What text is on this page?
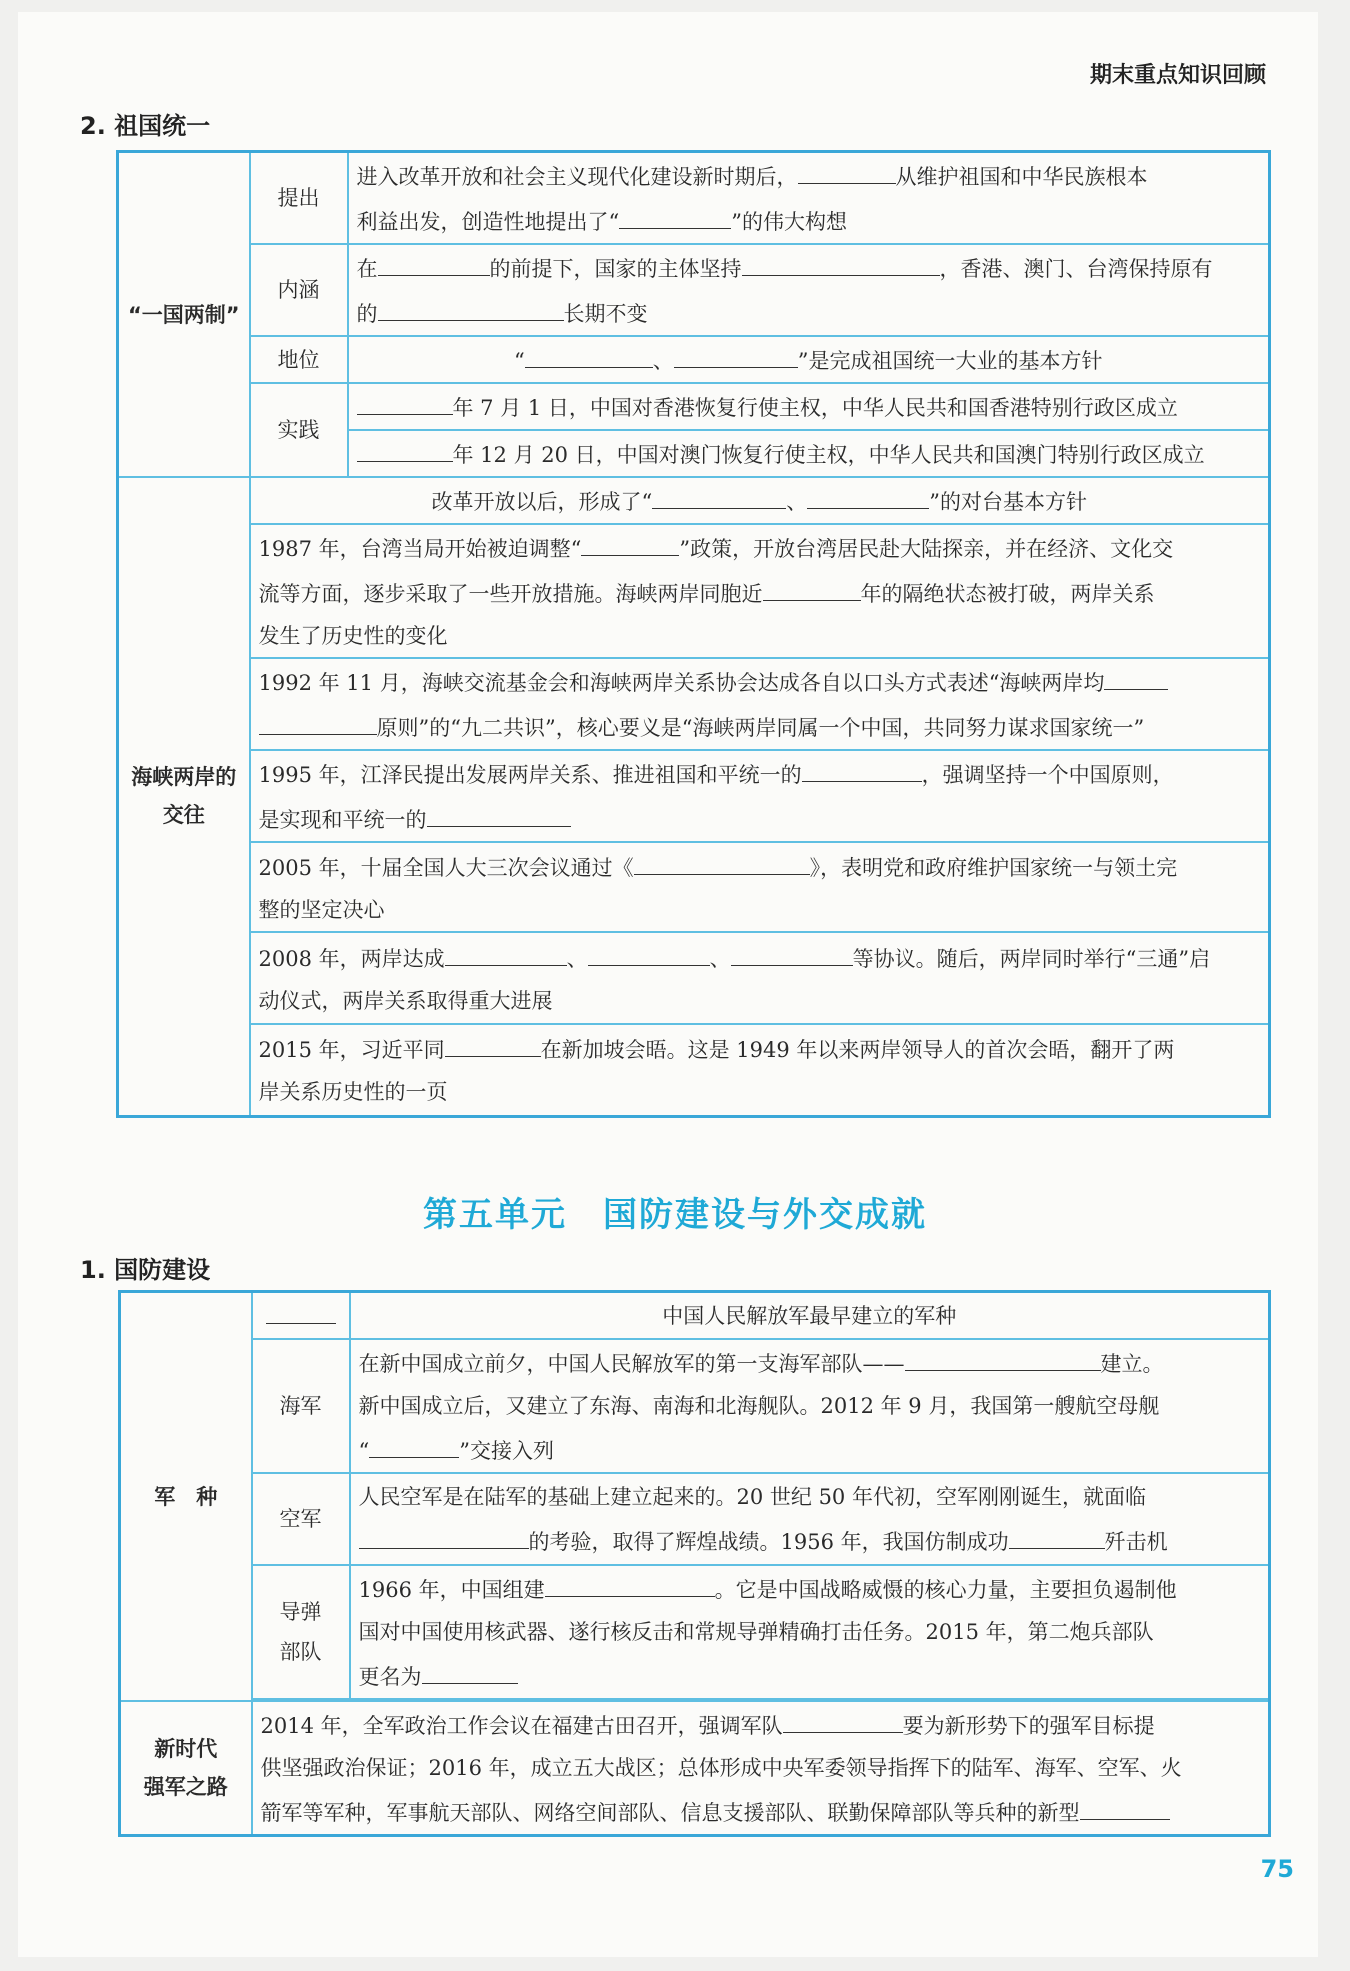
期末重点知识回顾
2. 祖国统一
“一国两制”	提出	进入改革开放和社会主义现代化建设新时期后， 从维护祖国和中华民族根本
利益出发，创造性地提出了“ ”的伟大构想
	内涵	在 的前提下，国家的主体坚持 ，香港、澳门、台湾保持原有
的 长期不变
	地位	“ 、 ”是完成祖国统一大业的基本方针
	实践	年 7 月 1 日，中国对香港恢复行使主权，中华人民共和国香港特别行政区成立
		年 12 月 20 日，中国对澳门恢复行使主权，中华人民共和国澳门特别行政区成立
海峡两岸的
交往	改革开放以后，形成了“ 、 ”的对台基本方针	
	1987 年，台湾当局开始被迫调整“ ”政策，开放台湾居民赴大陆探亲，并在经济、文化交
流等方面，逐步采取了一些开放措施。海峡两岸同胞近 年的隔绝状态被打破，两岸关系
发生了历史性的变化	
	1992 年 11 月，海峡交流基金会和海峡两岸关系协会达成各自以口头方式表述“海峡两岸均
原则”的“九二共识”，核心要义是“海峡两岸同属一个中国，共同努力谋求国家统一”	
	1995 年，江泽民提出发展两岸关系、推进祖国和平统一的 ，强调坚持一个中国原则，
是实现和平统一的	
	2005 年，十届全国人大三次会议通过《 》，表明党和政府维护国家统一与领土完
整的坚定决心	
	2008 年，两岸达成 、 、 等协议。随后，两岸同时举行“三通”启
动仪式，两岸关系取得重大进展	
	2015 年，习近平同 在新加坡会晤。这是 1949 年以来两岸领导人的首次会晤，翻开了两
岸关系历史性的一页	
第五单元 国防建设与外交成就
1. 国防建设
军　种		中国人民解放军最早建立的军种
	海军	在新中国成立前夕，中国人民解放军的第一支海军部队—— 建立。
新中国成立后，又建立了东海、南海和北海舰队。2012 年 9 月，我国第一艘航空母舰
“ ”交接入列
	空军	人民空军是在陆军的基础上建立起来的。20 世纪 50 年代初，空军刚刚诞生，就面临
的考验，取得了辉煌战绩。1956 年，我国仿制成功 歼击机
	导弹
部队	1966 年，中国组建 。它是中国战略威慑的核心力量，主要担负遏制他
国对中国使用核武器、遂行核反击和常规导弹精确打击任务。2015 年，第二炮兵部队
更名为

新时代
强军之路	2014 年，全军政治工作会议在福建古田召开，强调军队 要为新形势下的强军目标提
供坚强政治保证；2016 年，成立五大战区；总体形成中央军委领导指挥下的陆军、海军、空军、火
箭军等军种，军事航天部队、网络空间部队、信息支援部队、联勤保障部队等兵种的新型	
75
